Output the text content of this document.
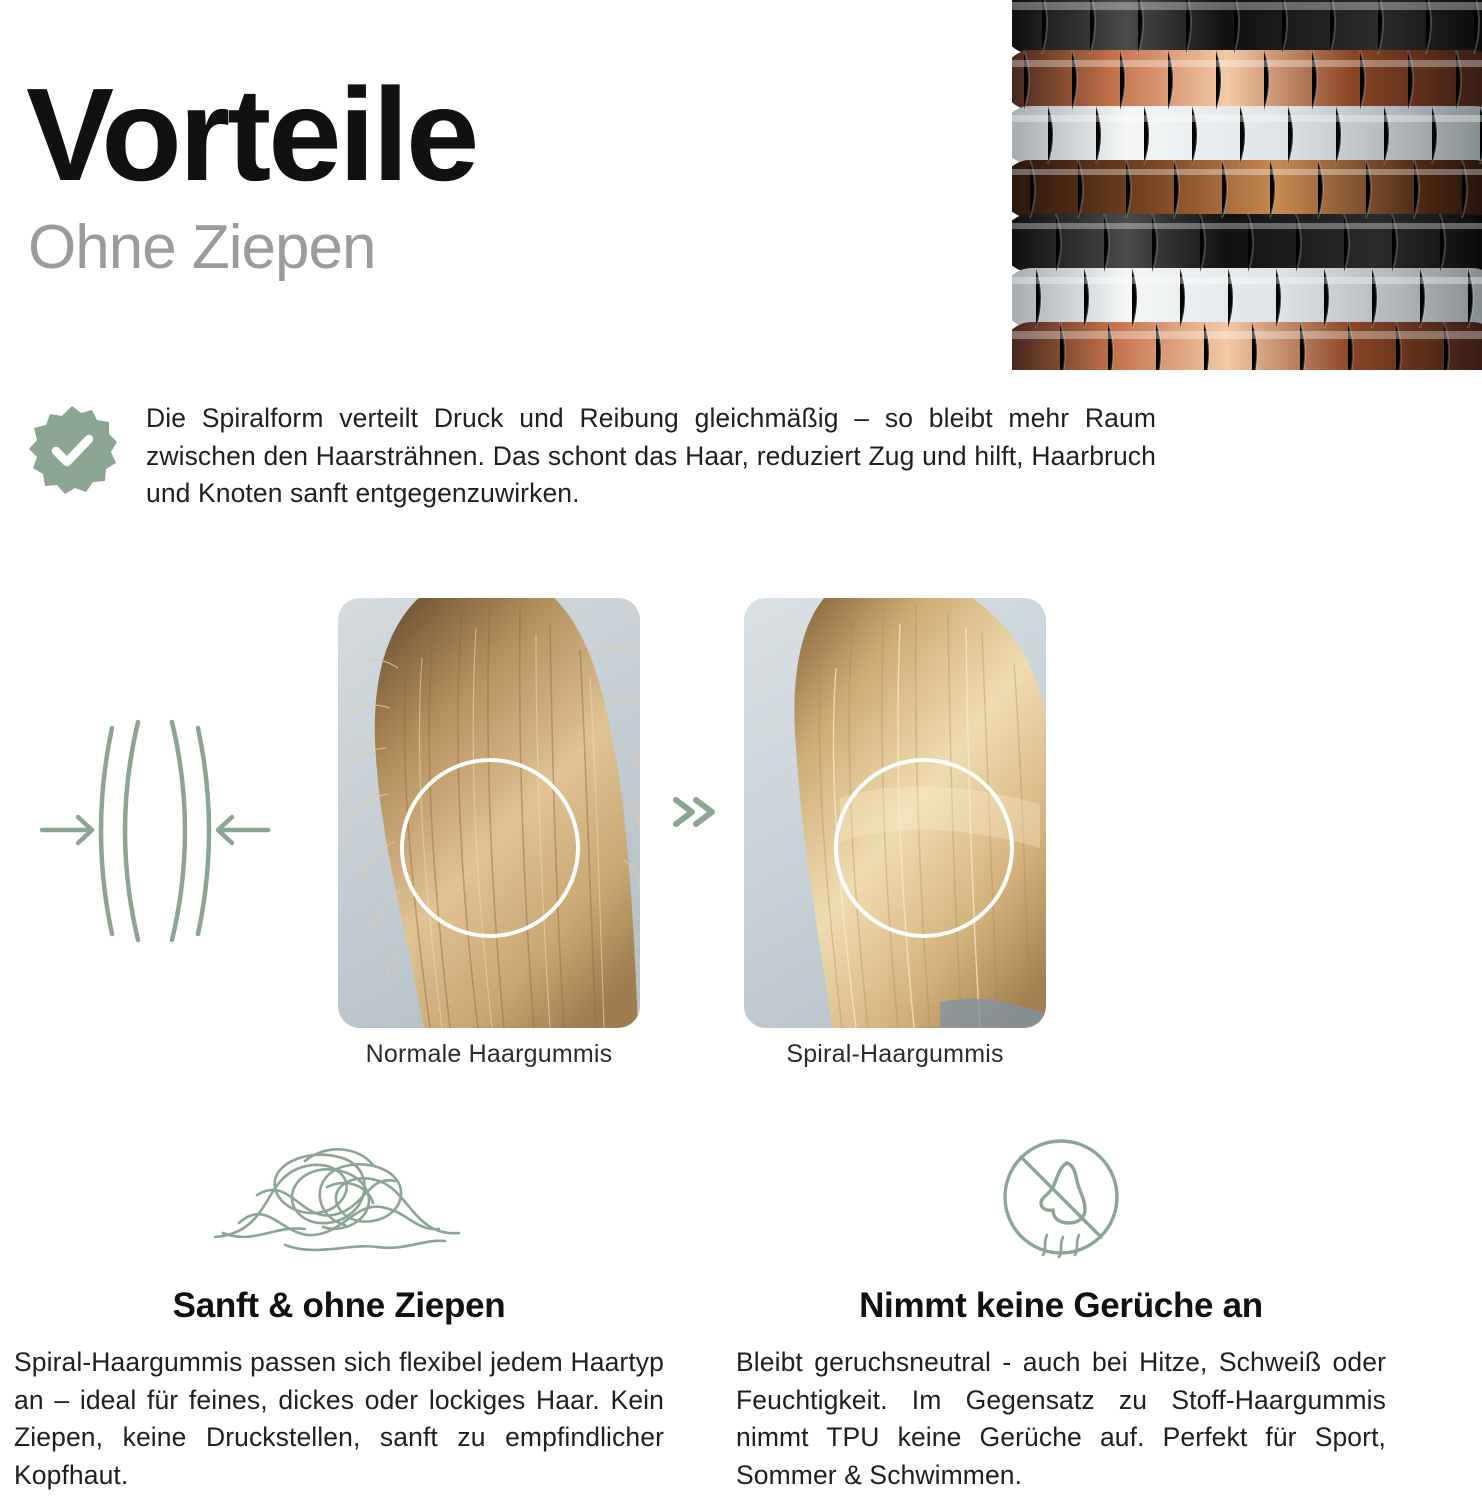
Vorteile
Ohne Ziepen
Die Spiralform verteilt Druck und Reibung gleichmäßig – so bleibt mehr Raum zwischen den Haarsträhnen. Das schont das Haar, reduziert Zug und hilft, Haarbruch und Knoten sanft entgegenzuwirken.
Normale Haargummis	Spiral-Haargummis
Sanft & ohne Ziepen
Spiral-Haargummis passen sich flexibel jedem Haartyp an – ideal für feines, dickes oder lockiges Haar. Kein Ziepen, keine Druckstellen, sanft zu empfindlicher Kopfhaut.
Nimmt keine Gerüche an
Bleibt geruchsneutral - auch bei Hitze, Schweiß oder Feuchtigkeit. Im Gegensatz zu Stoff-Haargummis nimmt TPU keine Gerüche auf. Perfekt für Sport, Sommer & Schwimmen.
